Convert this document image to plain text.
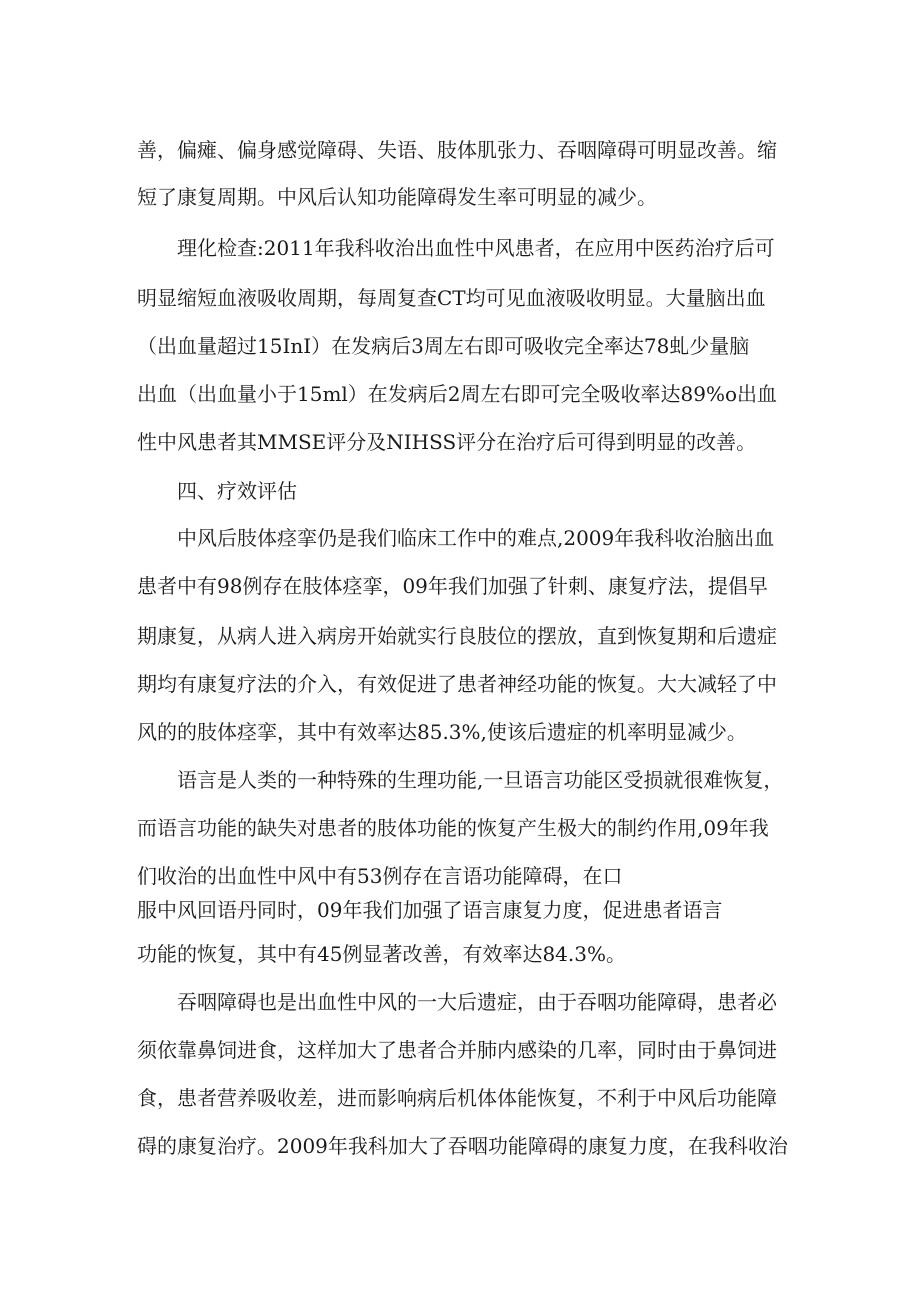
善，偏瘫、偏身感觉障碍、失语、肢体肌张力、吞咽障碍可明显改善。缩
短了康复周期。中风后认知功能障碍发生率可明显的减少。
理化检查:2011年我科收治出血性中风患者，在应用中医药治疗后可
明显缩短血液吸收周期，每周复查CT均可见血液吸收明显。大量脑出血
（出血量超过15InI）在发病后3周左右即可吸收完全率达78虬少量脑
出血（出血量小于15ml）在发病后2周左右即可完全吸收率达89%o出血
性中风患者其MMSE评分及NIHSS评分在治疗后可得到明显的改善。
四、疗效评估
中风后肢体痉挛仍是我们临床工作中的难点,2009年我科收治脑出血
患者中有98例存在肢体痉挛，09年我们加强了针刺、康复疗法，提倡早
期康复，从病人进入病房开始就实行良肢位的摆放，直到恢复期和后遗症
期均有康复疗法的介入，有效促进了患者神经功能的恢复。大大减轻了中
风的的肢体痉挛，其中有效率达85.3%,使该后遗症的机率明显减少。
语言是人类的一种特殊的生理功能,一旦语言功能区受损就很难恢复，
而语言功能的缺失对患者的肢体功能的恢复产生极大的制约作用,09年我
们收治的出血性中风中有53例存在言语功能障碍，在口
服中风回语丹同时，09年我们加强了语言康复力度，促进患者语言
功能的恢复，其中有45例显著改善，有效率达84.3%。
吞咽障碍也是出血性中风的一大后遗症，由于吞咽功能障碍，患者必
须依靠鼻饲进食，这样加大了患者合并肺内感染的几率，同时由于鼻饲进
食，患者营养吸收差，进而影响病后机体体能恢复，不利于中风后功能障
碍的康复治疗。2009年我科加大了吞咽功能障碍的康复力度，在我科收治
